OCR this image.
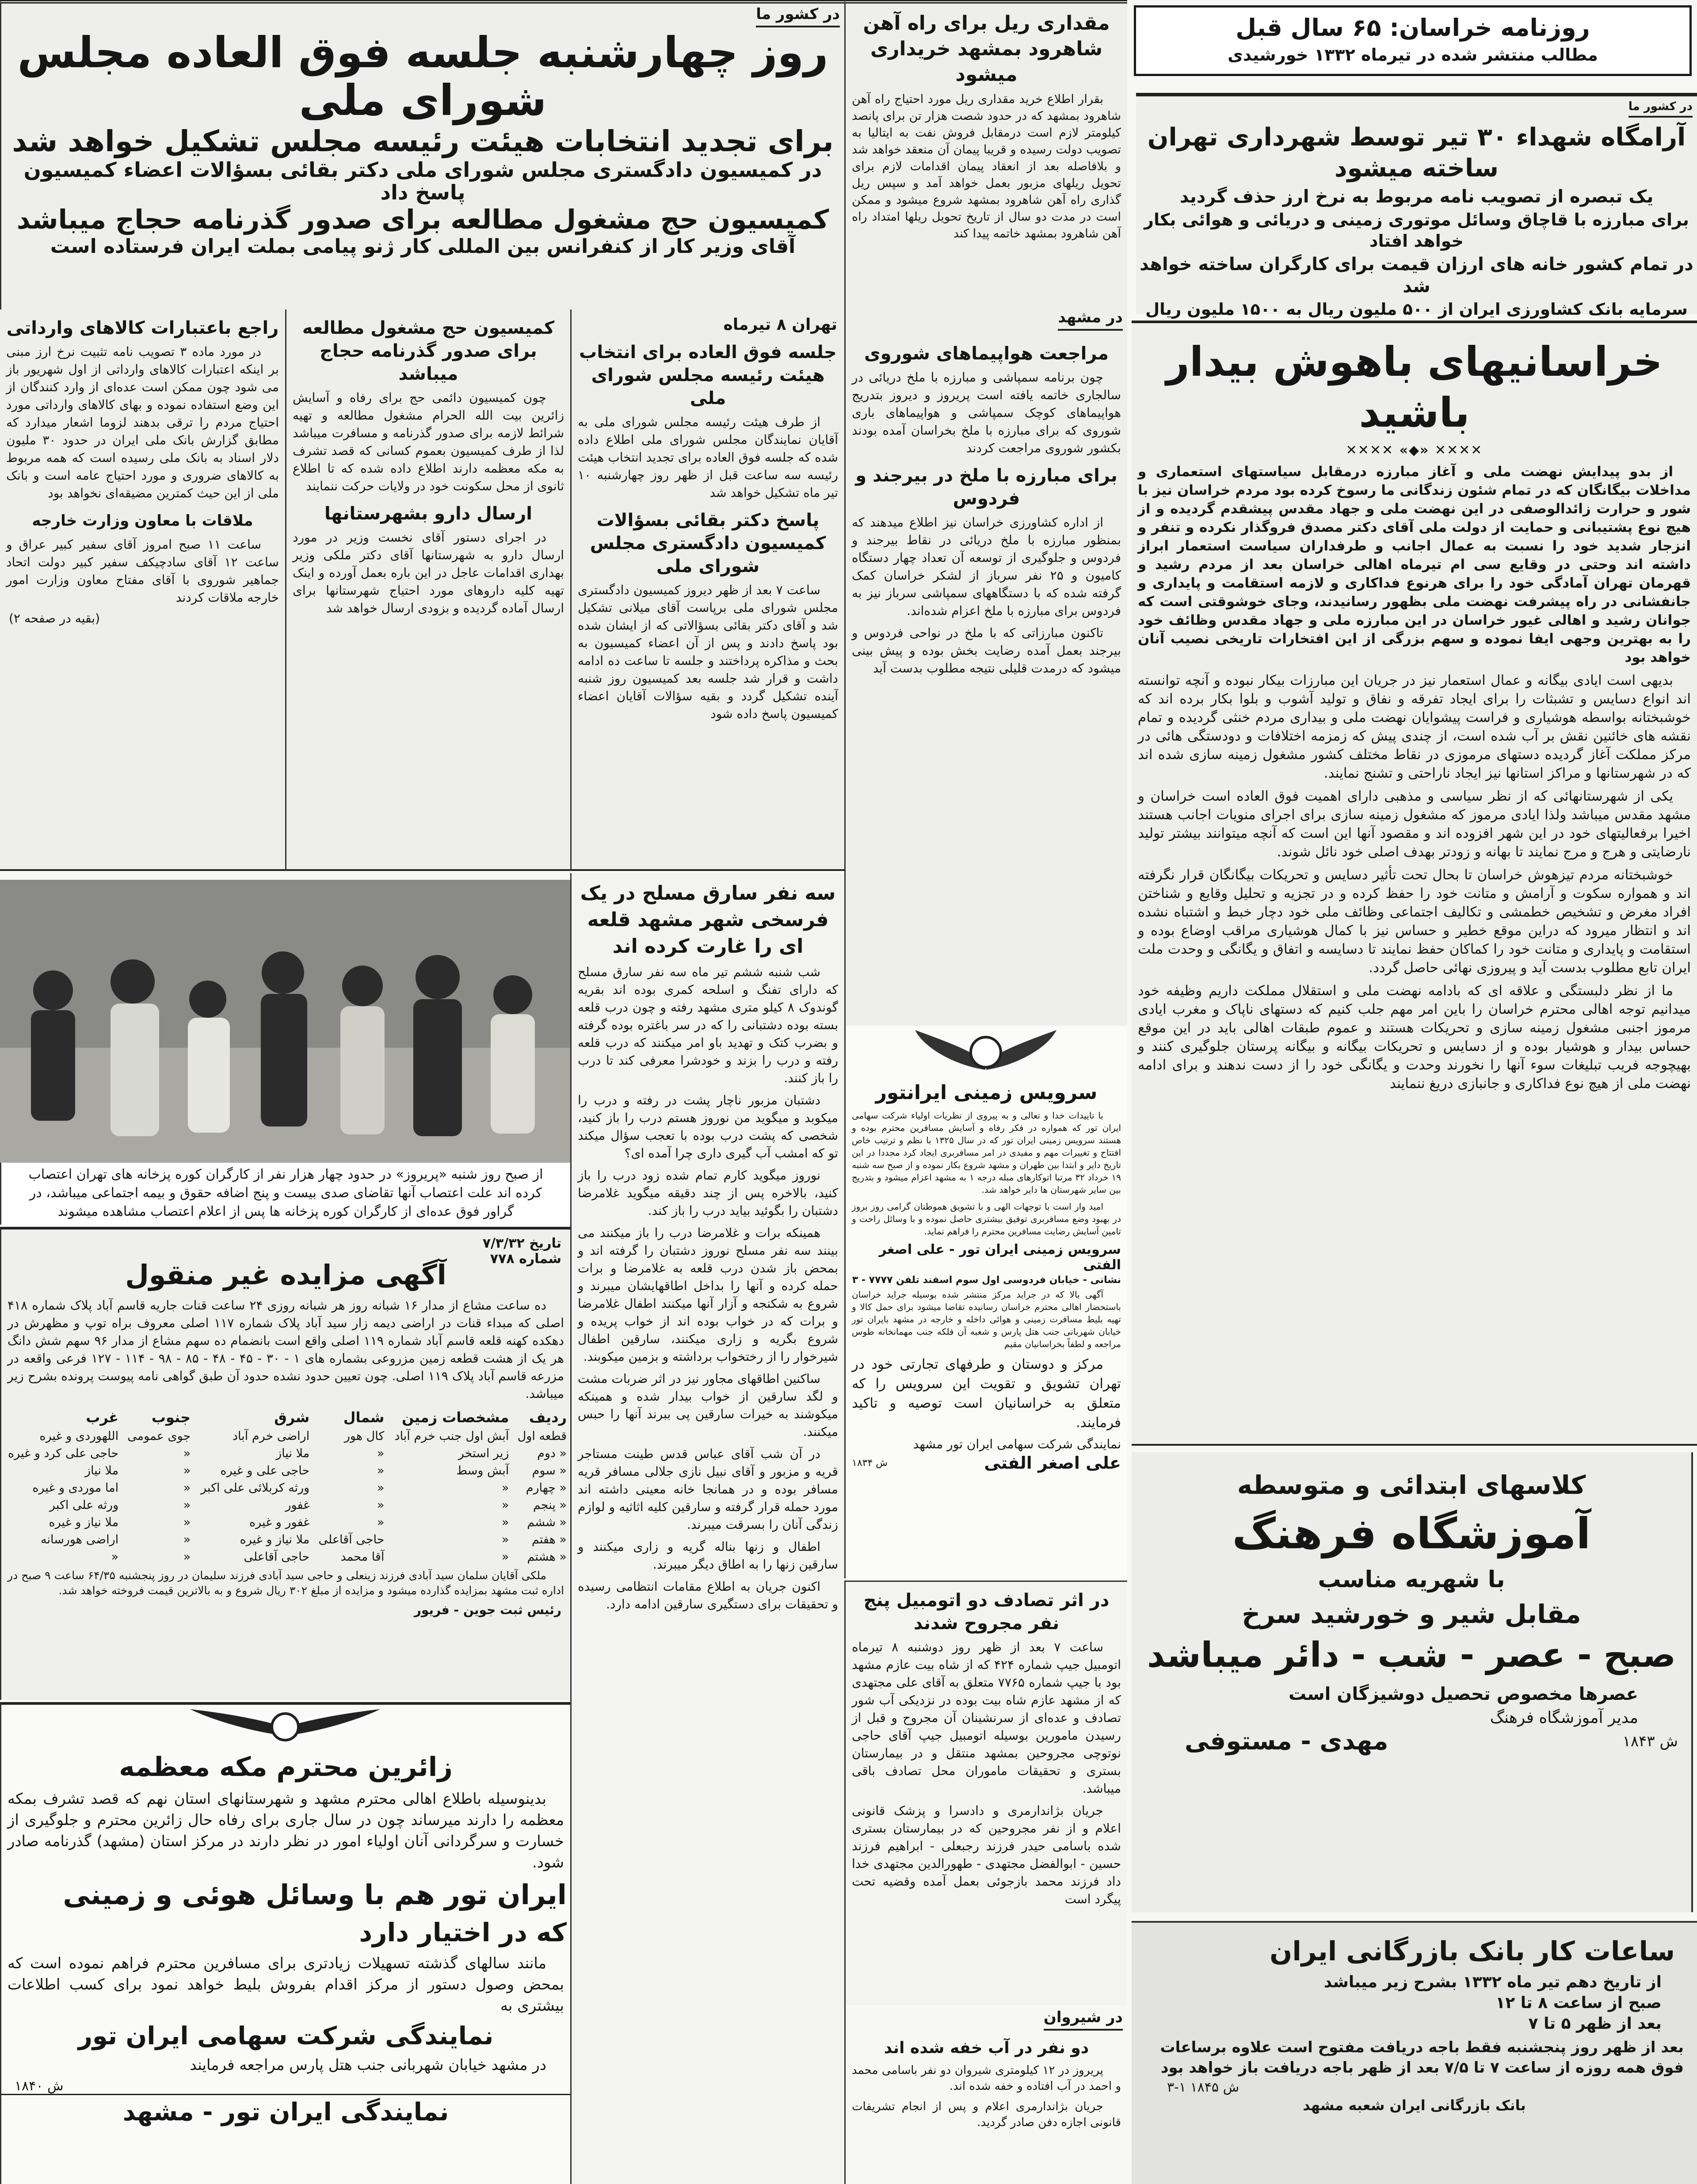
روزنامه خراسان: ۶۵ سال قبل
مطالب منتشر شده در تیرماه ۱۳۳۲ خورشیدی
در کشور ما
روز چهارشنبه جلسه فوق العاده مجلس شورای ملی
برای تجدید انتخابات هیئت رئیسه مجلس تشکیل خواهد شد
در کمیسیون دادگستری مجلس شورای ملی دکتر بقائی بسؤالات اعضاء کمیسیون پاسخ داد
کمیسیون حج مشغول مطالعه برای صدور گذرنامه حجاج میباشد
آقای وزیر کار از کنفرانس بین المللی کار ژنو پیامی بملت ایران فرستاده است
تهران ۸ تیرماه
جلسه فوق العاده برای انتخاب هیئت رئیسه مجلس شورای ملی

از طرف هیئت رئیسه مجلس شورای ملی به آقایان نمایندگان مجلس شورای ملی اطلاع داده شده که جلسه فوق العاده برای تجدید انتخاب هیئت رئیسه سه ساعت قبل از ظهر روز چهارشنبه ۱۰ تیر ماه تشکیل خواهد شد

پاسخ دکتر بقائی بسؤالات کمیسیون دادگستری مجلس شورای ملی

ساعت ۷ بعد از ظهر دیروز کمیسیون دادگستری مجلس شورای ملی برپاست آقای میلانی تشکیل شد و آقای دکتر بقائی بسؤالاتی که از ایشان شده بود پاسخ دادند و پس از آن اعضاء کمیسیون به بحث و مذاکره پرداختند و جلسه تا ساعت ده ادامه داشت و قرار شد جلسه بعد کمیسیون روز شنبه آینده تشکیل گردد و بقیه سؤالات آقایان اعضاء کمیسیون پاسخ داده شود

کمیسیون حج مشغول مطالعه برای صدور گذرنامه حجاج میباشد

چون کمیسیون دائمی حج برای رفاه و آسایش زائرین بیت الله الحرام مشغول مطالعه و تهیه شرائط لازمه برای صدور گذرنامه و مسافرت میباشد لذا از طرف کمیسیون بعموم کسانی که قصد تشرف به مکه معظمه دارند اطلاع داده شده که تا اطلاع ثانوی از محل سکونت خود در ولایات حرکت ننمایند

ارسال دارو بشهرستانها

در اجرای دستور آقای نخست وزیر در مورد ارسال دارو به شهرستانها آقای دکتر ملکی وزیر بهداری اقدامات عاجل در این باره بعمل آورده و اینک تهیه کلیه داروهای مورد احتیاج شهرستانها برای ارسال آماده گردیده و بزودی ارسال خواهد شد

راجع باعتبارات کالاهای وارداتی

در مورد ماده ۳ تصویب نامه تثبیت نرخ ارز مبنی بر اینکه اعتبارات کالاهای وارداتی از اول شهریور باز می شود چون ممکن است عده‌ای از وارد کنندگان از این وضع استفاده نموده و بهای کالاهای وارداتی مورد احتیاج مردم را ترقی بدهند لزوما اشعار میدارد که مطابق گزارش بانک ملی ایران در حدود ۳۰ ملیون دلار اسناد به بانک ملی رسیده است که همه مربوط به کالاهای ضروری و مورد احتیاج عامه است و بانک ملی از این حیث کمترین مضیقه‌ای نخواهد بود

ملاقات با معاون وزارت خارجه

ساعت ۱۱ صبح امروز آقای سفیر کبیر عراق و ساعت ۱۲ آقای سادچیکف سفیر کبیر دولت اتحاد جماهیر شوروی با آقای مفتاح معاون وزارت امور خارجه ملاقات کردند

(بقیه در صفحه ۲)
از صبح روز شنبه «پریروز» در حدود چهار هزار نفر از کارگران کوره پزخانه های تهران اعتصاب کرده اند علت اعتصاب آنها تقاضای صدی بیست و پنج اضافه حقوق و بیمه اجتماعی میباشد، در گراور فوق عده‌ای از کارگران کوره پزخانه ها پس از اعلام اعتصاب مشاهده میشوند
تاریخ ۷/۳/۳۲
شماره ۷۷۸
آگهی مزایده غیر منقول

ده ساعت مشاع از مدار ۱۶ شبانه روز هر شبانه روزی ۲۴ ساعت قنات جاریه قاسم آباد پلاک شماره ۴۱۸ اصلی که مبداء قنات در اراضی دیمه زار سید آباد پلاک شماره ۱۱۷ اصلی معروف براه توپ و مظهرش در دهکده کهنه قلعه قاسم آباد شماره ۱۱۹ اصلی واقع است بانضمام ده سهم مشاع از مدار ۹۶ سهم شش دانگ هر یک از هشت قطعه زمین مزروعی بشماره های ۱ - ۳۰ - ۴۵ - ۴۸ - ۸۵ - ۹۸ - ۱۱۴ - ۱۲۷ فرعی واقعه در مزرعه قاسم آباد پلاک ۱۱۹ اصلی. چون تعیین حدود نشده حدود آن طبق گواهی نامه پیوست پرونده بشرح زیر میباشد.

ردیف	مشخصات زمین	شمال	شرق	جنوب	غرب
قطعه اول	آبش اول جنب خرم آباد	کال هور	اراضی خرم آباد	جوی عمومی	اللهوردی و غیره
« دوم	زیر استخر	«	ملا نیاز	«	حاجی علی کرد و غیره
« سوم	آبش وسط	«	حاجی علی و غیره	«	ملا نیاز
« چهارم	«	«	ورثه کربلائی علی اکبر	«	اما موردی و غیره
« پنجم	«	«	غفور	«	ورثه علی اکبر
« ششم	«	«	غفور و غیره	«	ملا نیاز و غیره
« هفتم	«	حاجی آقاعلی	ملا نیاز و غیره	«	اراضی هورسانه
« هشتم	«	آقا محمد	حاجی آقاعلی	«	«

ملکی آقایان سلمان سید آبادی فرزند زینعلی و حاجی سید آبادی فرزند سلیمان در روز پنجشنبه ۶۴/۳۵ ساعت ۹ صبح در اداره ثبت مشهد بمزایده گذارده میشود و مزایده از مبلغ ۳۰۲ ریال شروع و به بالاترین قیمت فروخته خواهد شد.

رئیس ثبت جوین - فریور
زائرین محترم مکه معظمه

بدینوسیله باطلاع اهالی محترم مشهد و شهرستانهای استان نهم که قصد تشرف بمکه معظمه را دارند میرساند چون در سال جاری برای رفاه حال زائرین محترم و جلوگیری از خسارت و سرگردانی آنان اولیاء امور در نظر دارند در مرکز استان (مشهد) گذرنامه صادر شود.

ایران تور هم با وسائل هوئی و زمینی
که در اختیار دارد

مانند سالهای گذشته تسهیلات زیادتری برای مسافرین محترم فراهم نموده است که بمحض وصول دستور از مرکز اقدام بفروش بلیط خواهد نمود برای کسب اطلاعات بیشتری به

نمایندگی شرکت سهامی ایران تور

در مشهد خیابان شهربانی جنب هتل پارس مراجعه فرمایند

ش ۱۸۴۰
نمایندگی ایران تور - مشهد
سه نفر سارق مسلح در یک فرسخی شهر مشهد قلعه ای را غارت کرده اند

شب شنبه ششم تیر ماه سه نفر سارق مسلح که دارای تفنگ و اسلحه کمری بوده اند بقریه گوندوک ۸ کیلو متری مشهد رفته و چون درب قلعه بسته بوده دشتبانی را که در سر باغتره بوده گرفته و بضرب کتک و تهدید باو امر میکنند که درب قلعه رفته و درب را بزند و خودشرا معرفی کند تا درب را باز کنند.

دشتبان مزبور ناچار پشت در رفته و درب را میکوبد و میگوید من نوروز هستم درب را باز کنید، شخصی که پشت درب بوده با تعجب سؤال میکند تو که امشب آب گیری داری چرا آمده ای؟

نوروز میگوید کارم تمام شده زود درب را باز کنید، بالاخره پس از چند دقیقه میگوید غلامرضا دشتبان را بگوئید بیاید درب را باز کند.

همینکه برات و غلامرضا درب را باز میکنند می بینند سه نفر مسلح نوروز دشتبان را گرفته اند و بمحض باز شدن درب قلعه به غلامرضا و برات حمله کرده و آنها را بداخل اطاقهایشان میبرند و شروع به شکنجه و آزار آنها میکنند اطفال غلامرضا و برات که در خواب بوده اند از خواب پریده و شروع بگریه و زاری میکنند، سارقین اطفال شیرخوار را از رختخواب برداشته و بزمین میکوبند.

ساکنین اطاقهای مجاور نیز در اثر ضربات مشت و لگد سارقین از خواب بیدار شده و همینکه میکوشند به خیرات سارقین پی ببرند آنها را حبس میکنند.

در آن شب آقای عباس قدس طینت مستاجر قریه و مزبور و آقای نبیل نازی جلالی مسافر قریه مسافر بوده و در همانجا خانه معینی داشته اند مورد حمله قرار گرفته و سارقین کلیه اثاثیه و لوازم زندگی آنان را بسرقت میبرند.

اطفال و زنها بناله گریه و زاری میکنند و سارقین زنها را به اطاق دیگر میبرند.

اکنون جریان به اطلاع مقامات انتظامی رسیده و تحقیقات برای دستگیری سارقین ادامه دارد.

مقداری ریل برای راه آهن شاهرود بمشهد خریداری میشود

بقرار اطلاع خرید مقداری ریل مورد احتیاج راه آهن شاهرود بمشهد که در حدود شصت هزار تن برای پانصد کیلومتر لازم است درمقابل فروش نفت به ایتالیا به تصویب دولت رسیده و قریبا پیمان آن منعقد خواهد شد و بلافاصله بعد از انعقاد پیمان اقدامات لازم برای تحویل ریلهای مزبور بعمل خواهد آمد و سپس ریل گذاری راه آهن شاهرود بمشهد شروع میشود و ممکن است در مدت دو سال از تاریخ تحویل ریلها امتداد راه آهن شاهرود بمشهد خاتمه پیدا کند

در مشهد
مراجعت هواپیماهای شوروی

چون برنامه سمپاشی و مبارزه با ملخ دریائی در سالجاری خاتمه یافته است پریروز و دیروز بتدریج هواپیماهای کوچک سمپاشی و هواپیماهای باری شوروی که برای مبارزه با ملخ بخراسان آمده بودند بکشور شوروی مراجعت کردند

برای مبارزه با ملخ در بیرجند و فردوس

از اداره کشاورزی خراسان نیز اطلاع میدهند که بمنظور مبارزه با ملخ دریائی در نقاط بیرجند و فردوس و جلوگیری از توسعه آن تعداد چهار دستگاه کامیون و ۲۵ نفر سرباز از لشکر خراسان کمک گرفته شده که با دستگاههای سمپاشی سرباز نیز به فردوس برای مبارزه با ملخ اعزام شده‌اند.

تاکنون مبارزاتی که با ملخ در نواحی فردوس و بیرجند بعمل آمده رضایت بخش بوده و پیش بینی میشود که درمدت قلیلی نتیجه مطلوب بدست آید

سرویس زمینی ایرانتور

با تاییدات خدا و تعالی و به پیروی از نظریات اولیاء شرکت سهامی ایران تور که همواره در فکر رفاه و آسایش مسافرین محترم بوده و هستند سرویس زمینی ایران تور که در سال ۱۳۲۵ با نظم و ترتیب خاص افتتاح و تغییرات مهم و مفیدی در امر مسافربری ایجاد کرد مجددا در این تاریخ دایر و ابتدا بین طهران و مشهد شروع بکار نموده و از صبح سه شنبه ۱۹ خرداد ۳۲ مرتبا اتوکارهای مبله درجه ۱ به مشهد اعزام میشود و بتدریج بین سایر شهرستان ها دایر خواهد شد.

امید وار است با توجهات الهی و با تشویق هموطنان گرامی روز بروز در بهبود وضع مسافربری توفیق بیشتری حاصل نموده و با وسائل راحت و تامین آسایش رضایت مسافرین محترم را فراهم نماید.

سرویس زمینی ایران تور - علی اصغر الفتی
نشانی - خیابان فردوسی اول سوم اسفند تلفن ۷۷۷۷ - ۳

آگهی بالا که در جراید مرکز منتشر شده بوسیله جراید خراسان باستحضار اهالی محترم خراسان رسانیده تقاضا میشود برای حمل کالا و تهیه بلیط مسافرت زمینی و هوائی داخله و خارجه در مشهد بایران تور خیابان شهربانی جنب هتل پارس و شعبه آن فلکه جنب مهمانخانه طوس مراجعه و لطفاً بخراسانیان مقیم

مرکز و دوستان و طرفهای تجارتی خود در تهران تشویق و تقویت این سرویس را که متعلق به خراسانیان است توصیه و تاکید فرمایند.

نمایندگی شرکت سهامی ایران تور مشهد
علی اصغر الفتی
ش ۱۸۳۴
در اثر تصادف دو اتومبیل پنج نفر مجروح شدند

ساعت ۷ بعد از ظهر روز دوشنبه ۸ تیرماه اتومبیل جیپ شماره ۴۲۴ که از شاه بیت عازم مشهد بود با جیپ شماره ۷۷۶۵ متعلق به آقای علی مجتهدی که از مشهد عازم شاه بیت بوده در نزدیکی آب شور تصادف و عده‌ای از سرنشینان آن مجروح و قبل از رسیدن مامورین بوسیله اتومبیل جیپ آقای حاجی نوتوچی مجروحین بمشهد منتقل و در بیمارستان بستری و تحقیقات ماموران محل تصادف باقی میباشد.

جریان بژاندارمری و دادسرا و پزشک قانونی اعلام و از نفر مجروحین که در بیمارستان بستری شده باسامی حیدر فرزند رجبعلی - ابراهیم فرزند حسین - ابوالفضل مجتهدی - طهورالدین مجتهدی خدا داد فرزند محمد بازجوئی بعمل آمده وقضیه تحت پیگرد است

در شیروان
دو نفر در آب خفه شده اند

پریروز در ۱۲ کیلومتری شیروان دو نفر باسامی محمد و احمد در آب افتاده و خفه شده اند.

جریان بژاندارمری اعلام و پس از انجام تشریفات قانونی اجازه دفن صادر گردید.

در کشور ما
آرامگاه شهداء ۳۰ تیر توسط شهرداری تهران ساخته میشود
یک تبصره از تصویب نامه مربوط به نرخ ارز حذف گردید
برای مبارزه با قاچاق وسائل موتوری زمینی و دریائی و هوائی بکار خواهد افتاد
در تمام کشور خانه های ارزان قیمت برای کارگران ساخته خواهد شد
سرمایه بانک کشاورزی ایران از ۵۰۰ ملیون ریال به ۱۵۰۰ ملیون ریال
خراسانیهای باهوش بیدار باشید
✕✕✕✕ «◆» ✕✕✕✕

از بدو پیدایش نهضت ملی و آغاز مبارزه درمقابل سیاستهای استعماری و مداخلات بیگانگان که در تمام شئون زندگانی ما رسوخ کرده بود مردم خراسان نیز با شور و حرارت زائدالوصفی در این نهضت ملی و جهاد مقدس پیشقدم گردیده و از هیچ نوع پشتیبانی و حمایت از دولت ملی آقای دکتر مصدق فروگذار نکرده و تنفر و انزجار شدید خود را نسبت به عمال اجانب و طرفداران سیاست استعمار ابراز داشته اند وحتی در وقایع سی ام تیرماه اهالی خراسان بعد از مردم رشید و قهرمان تهران آمادگی خود را برای هرنوع فداکاری و لازمه استقامت و پایداری و جانفشانی در راه پیشرفت نهضت ملی بظهور رسانیدند، وجای خوشوقتی است که جوانان رشید و اهالی غیور خراسان در این مبارزه ملی و جهاد مقدس وظائف خود را به بهترین وجهی ایفا نموده و سهم بزرگی از این افتخارات تاریخی نصیب آنان خواهد بود

بدیهی است ایادی بیگانه و عمال استعمار نیز در جریان این مبارزات بیکار نبوده و آنچه توانسته اند انواع دسایس و تشبثات را برای ایجاد تفرقه و نفاق و تولید آشوب و بلوا بکار برده اند که خوشبختانه بواسطه هوشیاری و فراست پیشوایان نهضت ملی و بیداری مردم خنثی گردیده و تمام نقشه های خائنین نقش بر آب شده است، از چندی پیش که زمزمه اختلافات و دودستگی هائی در مرکز مملکت آغاز گردیده دستهای مرموزی در نقاط مختلف کشور مشغول زمینه سازی شده اند که در شهرستانها و مراکز استانها نیز ایجاد ناراحتی و تشنج نمایند.

یکی از شهرستانهائی که از نظر سیاسی و مذهبی دارای اهمیت فوق العاده است خراسان و مشهد مقدس میباشد ولذا ایادی مرموز که مشغول زمینه سازی برای اجرای منویات اجانب هستند اخیرا برفعالیتهای خود در این شهر افزوده اند و مقصود آنها این است که آنچه میتوانند بیشتر تولید نارضایتی و هرج و مرج نمایند تا بهانه و زودتر بهدف اصلی خود نائل شوند.

خوشبختانه مردم تیزهوش خراسان تا بحال تحت تأثیر دسایس و تحریکات بیگانگان قرار نگرفته اند و همواره سکوت و آرامش و متانت خود را حفظ کرده و در تجزیه و تحلیل وقایع و شناختن افراد مغرض و تشخیص خطمشی و تکالیف اجتماعی وظائف ملی خود دچار خبط و اشتباه نشده اند و انتظار میرود که دراین موقع خطیر و حساس نیز با کمال هوشیاری مراقب اوضاع بوده و استقامت و پایداری و متانت خود را کماکان حفظ نمایند تا دسایسه و اتفاق و یگانگی و وحدت ملت ایران تابع مطلوب بدست آید و پیروزی نهائی حاصل گردد.

ما از نظر دلبستگی و علاقه ای که بادامه نهضت ملی و استقلال مملکت داریم وظیفه خود میدانیم توجه اهالی محترم خراسان را باین امر مهم جلب کنیم که دستهای ناپاک و مغرب ایادی مرموز اجنبی مشغول زمینه سازی و تحریکات هستند و عموم طبقات اهالی باید در این موقع حساس بیدار و هوشیار بوده و از دسایس و تحریکات بیگانه و بیگانه پرستان جلوگیری کنند و بهیچوجه فریب تبلیغات سوء آنها را نخورند وحدت و یگانگی خود را از دست ندهند و برای ادامه نهضت ملی از هیچ نوع فداکاری و جانبازی دریغ ننمایند

کلاسهای ابتدائی و متوسطه
آموزشگاه فرهنگ
با شهریه مناسب
مقابل شیر و خورشید سرخ
صبح - عصر - شب - دائر میباشد
عصرها مخصوص تحصیل دوشیزگان است
مدیر آموزشگاه فرهنگ
ش ۱۸۴۳
مهدی - مستوفی
ساعات کار بانک بازرگانی ایران
از تاریخ دهم تیر ماه ۱۳۳۲ بشرح زیر میباشد
صبح از ساعت ۸ تا ۱۲
بعد از ظهر ۵ تا ۷
بعد از ظهر روز پنجشنبه فقط باجه دریافت مفتوح است علاوه برساعات فوق همه روزه از ساعت ۷ تا ۷/۵ بعد از ظهر باجه دریافت باز خواهد بود
ش ۱۸۴۵ ۱-۳
بانک بازرگانی ایران شعبه مشهد
